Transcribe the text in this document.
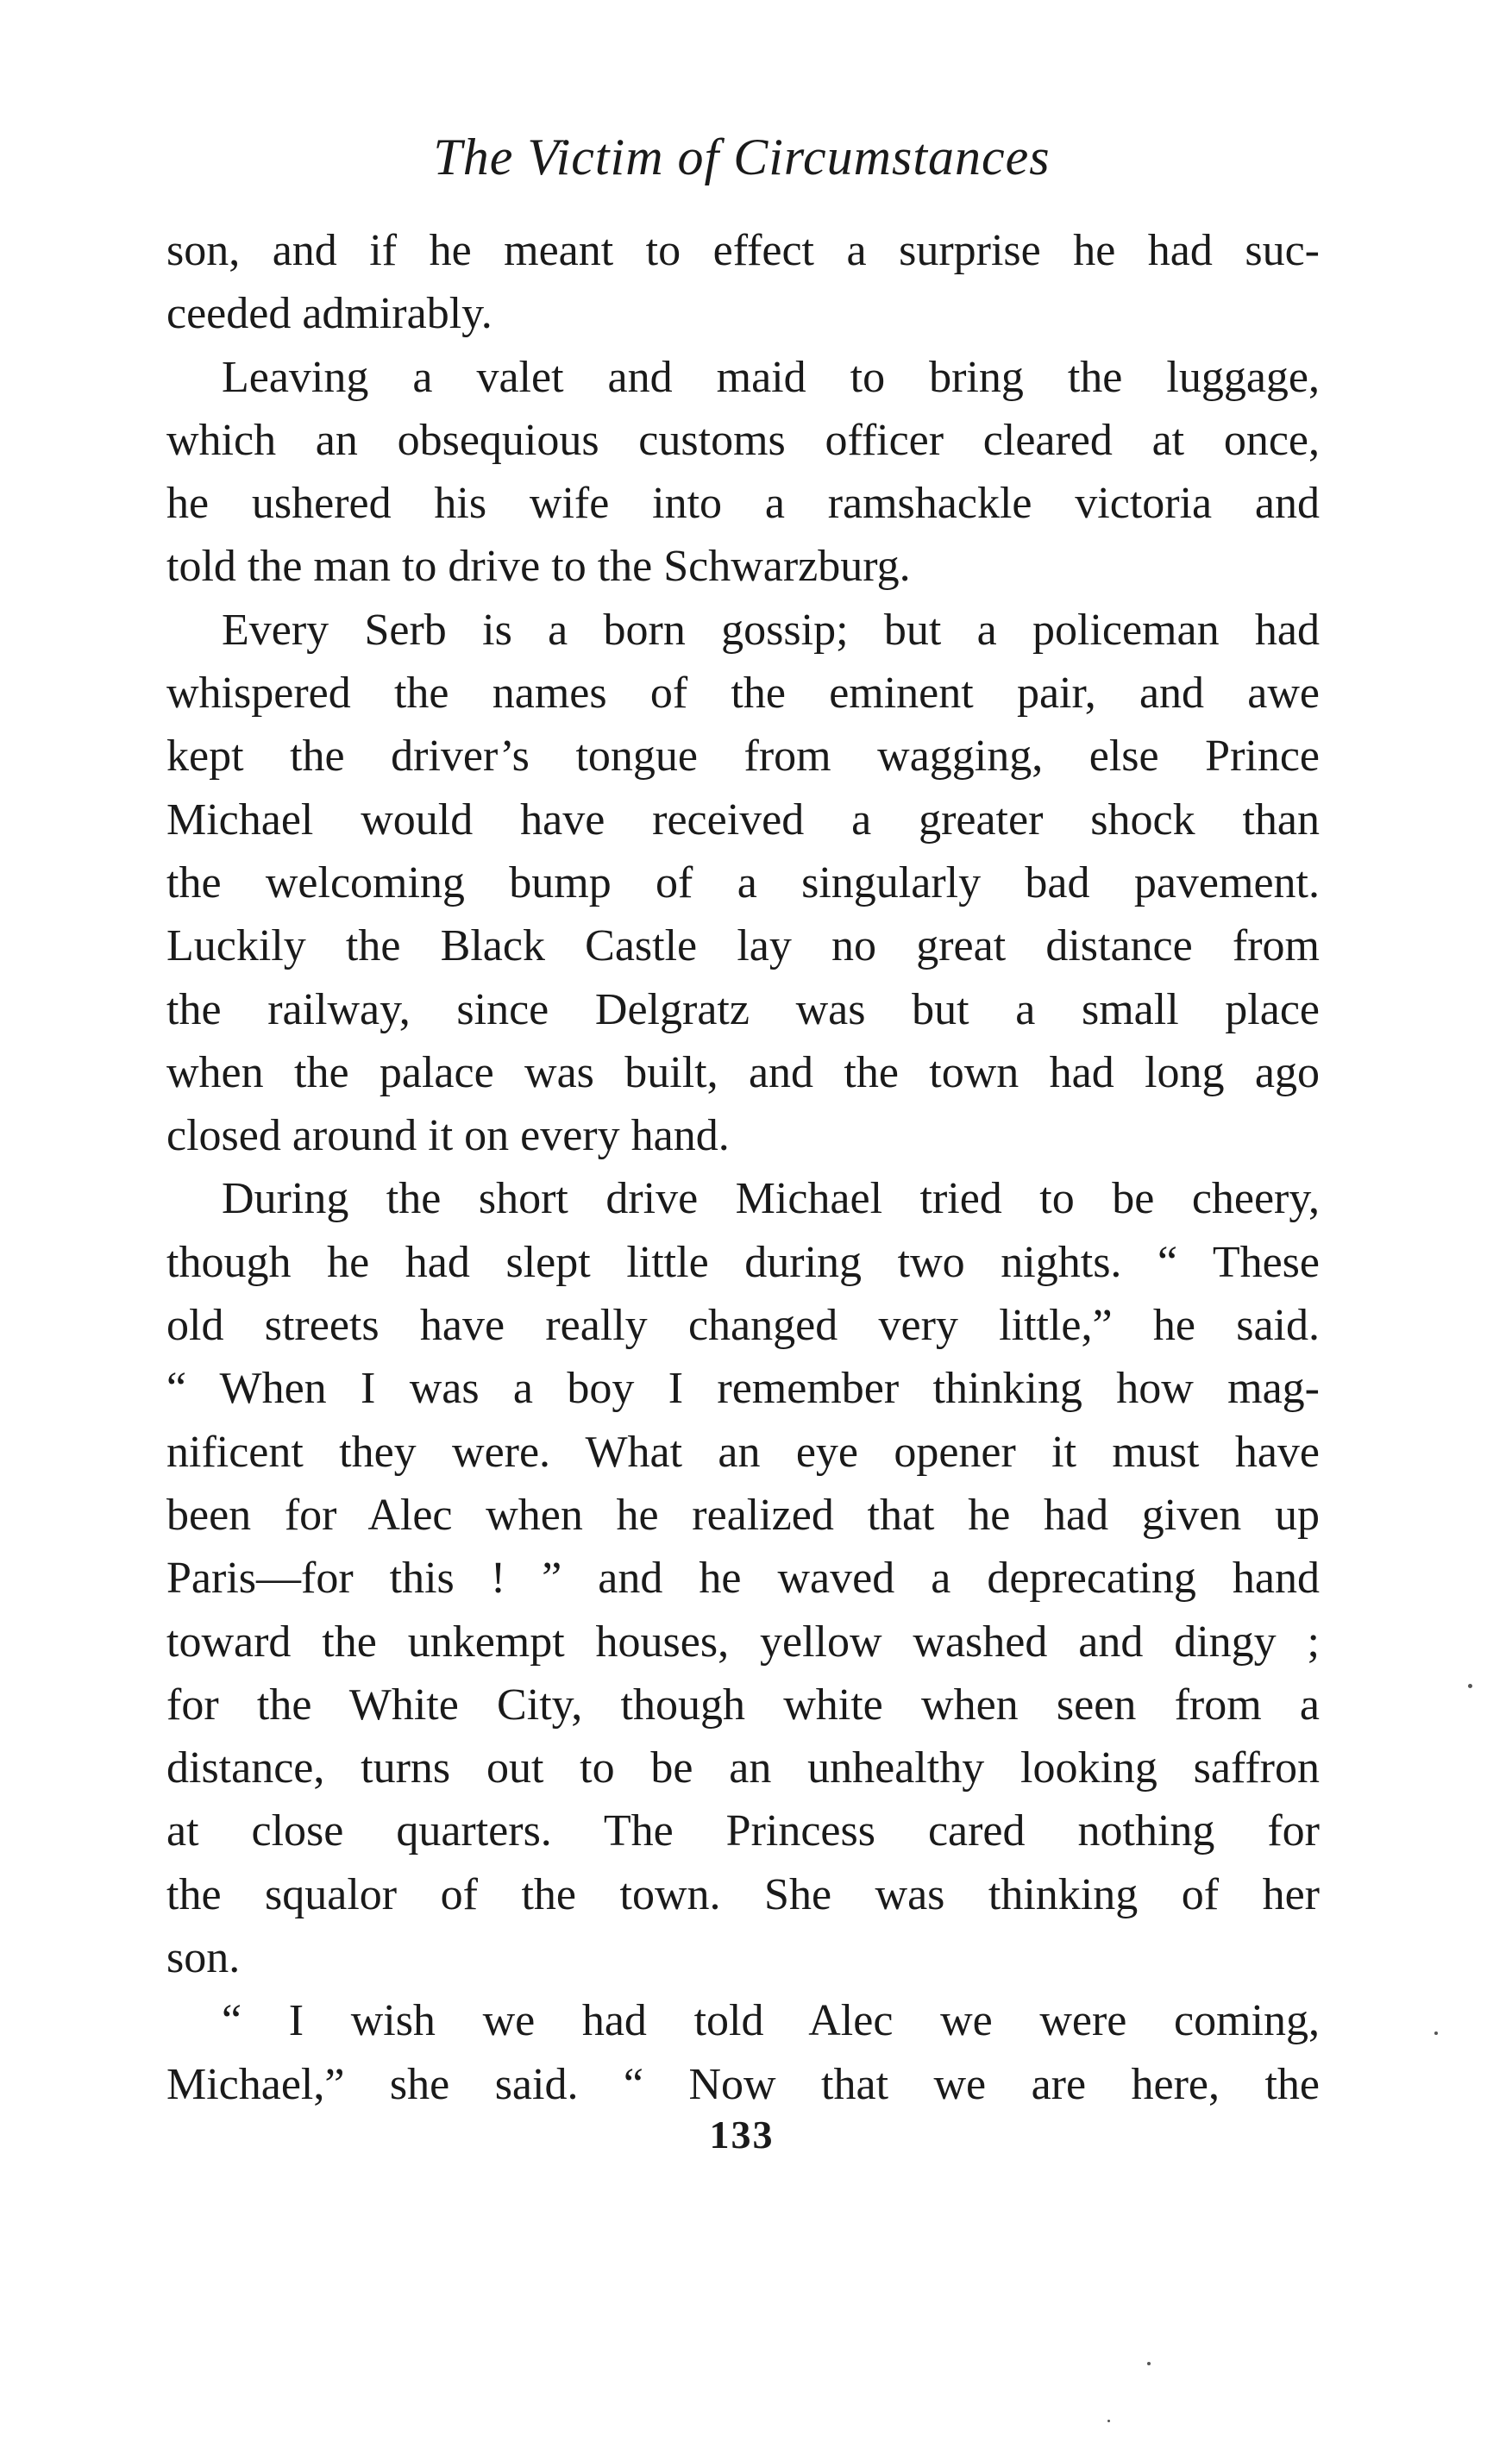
The Victim of Circumstances
son, and if he meant to effect a surprise he had suc-
ceeded admirably.
Leaving a valet and maid to bring the luggage,
which an obsequious customs officer cleared at once,
he ushered his wife into a ramshackle victoria and
told the man to drive to the Schwarzburg.
Every Serb is a born gossip; but a policeman had
whispered the names of the eminent pair, and awe
kept the driver’s tongue from wagging, else Prince
Michael would have received a greater shock than
the welcoming bump of a singularly bad pavement.
Luckily the Black Castle lay no great distance from
the railway, since Delgratz was but a small place
when the palace was built, and the town had long ago
closed around it on every hand.
During the short drive Michael tried to be cheery,
though he had slept little during two nights. “ These
old streets have really changed very little,” he said.
“ When I was a boy I remember thinking how mag-
nificent they were. What an eye opener it must have
been for Alec when he realized that he had given up
Paris—for this ! ” and he waved a deprecating hand
toward the unkempt houses, yellow washed and dingy ;
for the White City, though white when seen from a
distance, turns out to be an unhealthy looking saffron
at close quarters. The Princess cared nothing for
the squalor of the town. She was thinking of her
son.
“ I wish we had told Alec we were coming,
Michael,” she said. “ Now that we are here, the
133
